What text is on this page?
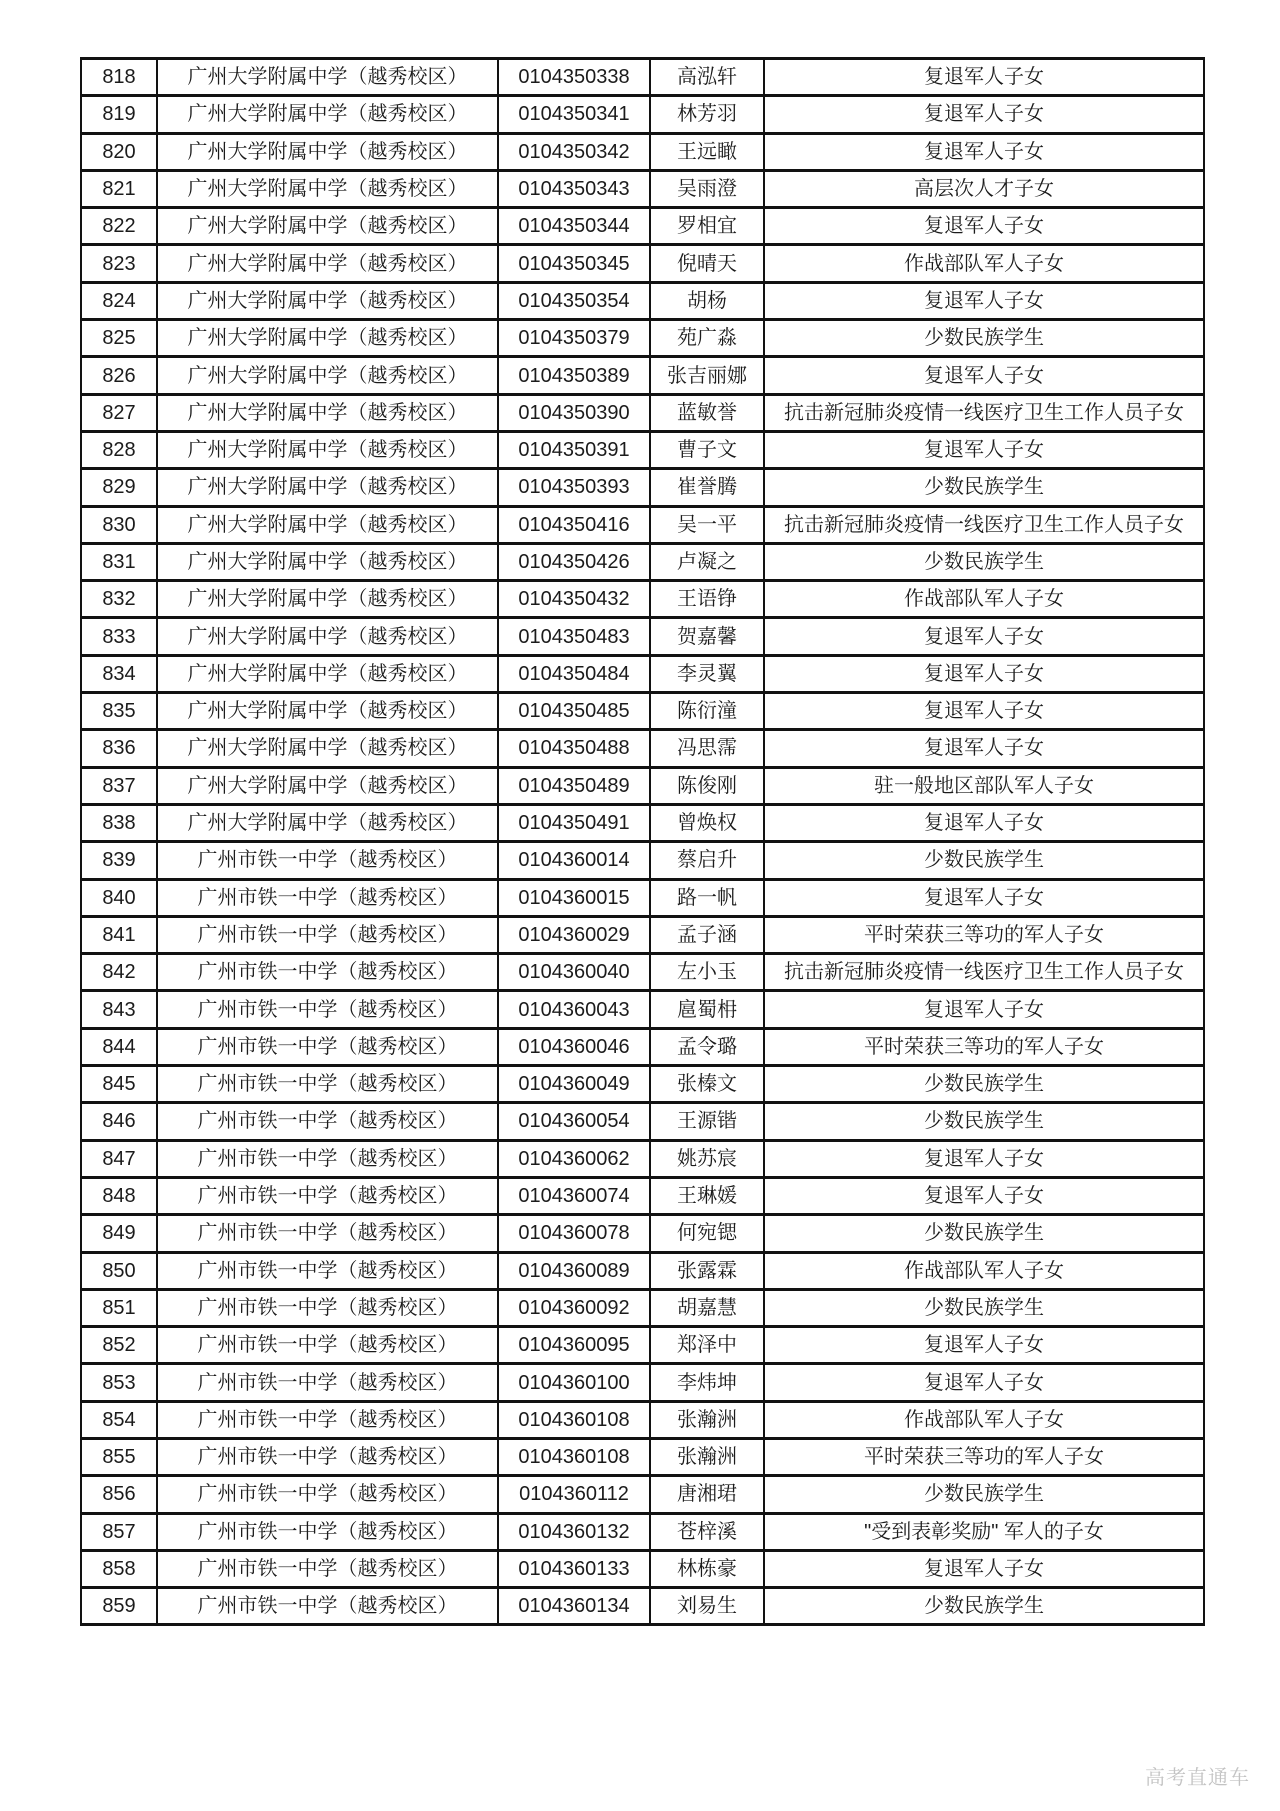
818	广州大学附属中学（越秀校区）	0104350338	高泓轩	复退军人子女
819	广州大学附属中学（越秀校区）	0104350341	林芳羽	复退军人子女
820	广州大学附属中学（越秀校区）	0104350342	王远瞰	复退军人子女
821	广州大学附属中学（越秀校区）	0104350343	吴雨澄	高层次人才子女
822	广州大学附属中学（越秀校区）	0104350344	罗相宜	复退军人子女
823	广州大学附属中学（越秀校区）	0104350345	倪晴天	作战部队军人子女
824	广州大学附属中学（越秀校区）	0104350354	胡杨	复退军人子女
825	广州大学附属中学（越秀校区）	0104350379	苑广淼	少数民族学生
826	广州大学附属中学（越秀校区）	0104350389	张吉丽娜	复退军人子女
827	广州大学附属中学（越秀校区）	0104350390	蓝敏誉	抗击新冠肺炎疫情一线医疗卫生工作人员子女
828	广州大学附属中学（越秀校区）	0104350391	曹子文	复退军人子女
829	广州大学附属中学（越秀校区）	0104350393	崔誉腾	少数民族学生
830	广州大学附属中学（越秀校区）	0104350416	吴一平	抗击新冠肺炎疫情一线医疗卫生工作人员子女
831	广州大学附属中学（越秀校区）	0104350426	卢凝之	少数民族学生
832	广州大学附属中学（越秀校区）	0104350432	王语铮	作战部队军人子女
833	广州大学附属中学（越秀校区）	0104350483	贺嘉馨	复退军人子女
834	广州大学附属中学（越秀校区）	0104350484	李灵翼	复退军人子女
835	广州大学附属中学（越秀校区）	0104350485	陈衍潼	复退军人子女
836	广州大学附属中学（越秀校区）	0104350488	冯思霈	复退军人子女
837	广州大学附属中学（越秀校区）	0104350489	陈俊刚	驻一般地区部队军人子女
838	广州大学附属中学（越秀校区）	0104350491	曾焕权	复退军人子女
839	广州市铁一中学（越秀校区）	0104360014	蔡启升	少数民族学生
840	广州市铁一中学（越秀校区）	0104360015	路一帆	复退军人子女
841	广州市铁一中学（越秀校区）	0104360029	孟子涵	平时荣获三等功的军人子女
842	广州市铁一中学（越秀校区）	0104360040	左小玉	抗击新冠肺炎疫情一线医疗卫生工作人员子女
843	广州市铁一中学（越秀校区）	0104360043	扈蜀枏	复退军人子女
844	广州市铁一中学（越秀校区）	0104360046	孟令璐	平时荣获三等功的军人子女
845	广州市铁一中学（越秀校区）	0104360049	张榛文	少数民族学生
846	广州市铁一中学（越秀校区）	0104360054	王源锴	少数民族学生
847	广州市铁一中学（越秀校区）	0104360062	姚苏宸	复退军人子女
848	广州市铁一中学（越秀校区）	0104360074	王琳媛	复退军人子女
849	广州市铁一中学（越秀校区）	0104360078	何宛锶	少数民族学生
850	广州市铁一中学（越秀校区）	0104360089	张露霖	作战部队军人子女
851	广州市铁一中学（越秀校区）	0104360092	胡嘉慧	少数民族学生
852	广州市铁一中学（越秀校区）	0104360095	郑泽中	复退军人子女
853	广州市铁一中学（越秀校区）	0104360100	李炜坤	复退军人子女
854	广州市铁一中学（越秀校区）	0104360108	张瀚洲	作战部队军人子女
855	广州市铁一中学（越秀校区）	0104360108	张瀚洲	平时荣获三等功的军人子女
856	广州市铁一中学（越秀校区）	0104360112	唐湘珺	少数民族学生
857	广州市铁一中学（越秀校区）	0104360132	苍梓溪	"受到表彰奖励" 军人的子女
858	广州市铁一中学（越秀校区）	0104360133	林栋豪	复退军人子女
859	广州市铁一中学（越秀校区）	0104360134	刘易生	少数民族学生
高考直通车
